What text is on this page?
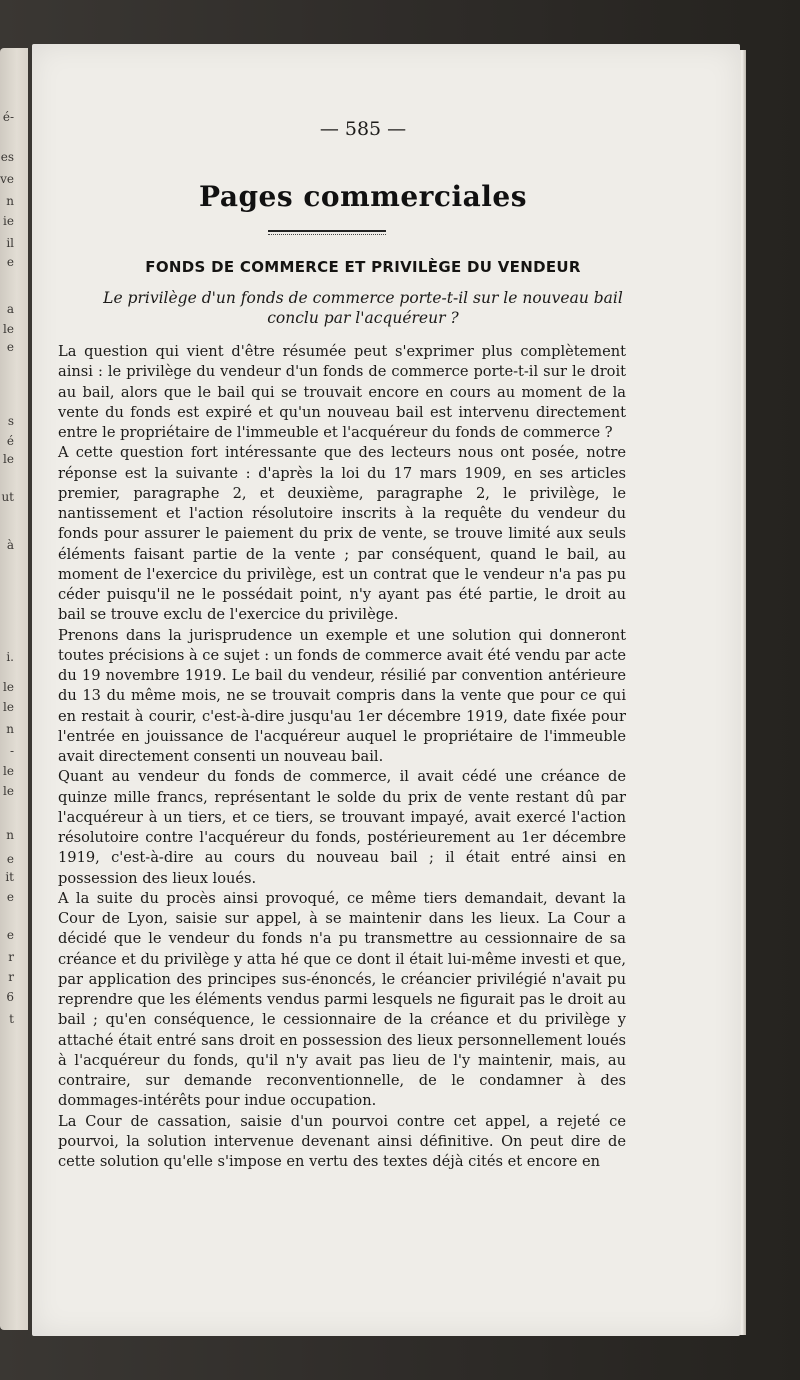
é-
es
ve
n
ie
il
e
a
le
e
s
é
le
ut
à
i.
le
le
n
-
le
le
n
e
it
e
e
r
r
6
t
— 585 —
Pages commerciales
FONDS DE COMMERCE ET PRIVILÈGE DU VENDEUR
Le privilège d'un fonds de commerce porte-t-il sur le nouveau bail conclu par l'acquéreur ?

La question qui vient d'être résumée peut s'exprimer plus complètement ainsi : le privilège du vendeur d'un fonds de commerce porte-t-il sur le droit au bail, alors que le bail qui se trouvait encore en cours au moment de la vente du fonds est expiré et qu'un nouveau bail est intervenu directement entre le propriétaire de l'immeuble et l'acquéreur du fonds de commerce ?

A cette question fort intéressante que des lecteurs nous ont posée, notre réponse est la suivante : d'après la loi du 17 mars 1909, en ses articles premier, paragraphe 2, et deuxième, paragraphe 2, le privilège, le nantissement et l'action résolutoire inscrits à la requête du vendeur du fonds pour assurer le paiement du prix de vente, se trouve limité aux seuls éléments faisant partie de la vente ; par conséquent, quand le bail, au moment de l'exercice du privilège, est un contrat que le vendeur n'a pas pu céder puisqu'il ne le possédait point, n'y ayant pas été partie, le droit au bail se trouve exclu de l'exercice du privilège.

Prenons dans la jurisprudence un exemple et une solution qui donneront toutes précisions à ce sujet : un fonds de commerce avait été vendu par acte du 19 novembre 1919. Le bail du vendeur, résilié par convention antérieure du 13 du même mois, ne se trouvait compris dans la vente que pour ce qui en restait à courir, c'est-à-dire jusqu'au 1er décembre 1919, date fixée pour l'entrée en jouissance de l'acquéreur auquel le propriétaire de l'immeuble avait directement consenti un nouveau bail.

Quant au vendeur du fonds de commerce, il avait cédé une créance de quinze mille francs, représentant le solde du prix de vente restant dû par l'acquéreur à un tiers, et ce tiers, se trouvant impayé, avait exercé l'action résolutoire contre l'acquéreur du fonds, postérieurement au 1er décembre 1919, c'est-à-dire au cours du nouveau bail ; il était entré ainsi en possession des lieux loués.

A la suite du procès ainsi provoqué, ce même tiers demandait, devant la Cour de Lyon, saisie sur appel, à se maintenir dans les lieux. La Cour a décidé que le vendeur du fonds n'a pu transmettre au cessionnaire de sa créance et du privilège y atta hé que ce dont il était lui-même investi et que, par application des principes sus-énoncés, le créancier privilégié n'avait pu reprendre que les éléments vendus parmi lesquels ne figurait pas le droit au bail ; qu'en conséquence, le cessionnaire de la créance et du privilège y attaché était entré sans droit en possession des lieux personnellement loués à l'acquéreur du fonds, qu'il n'y avait pas lieu de l'y maintenir, mais, au contraire, sur demande reconventionnelle, de le condamner à des dommages-intérêts pour indue occupation.

La Cour de cassation, saisie d'un pourvoi contre cet appel, a rejeté ce pourvoi, la solution intervenue devenant ainsi définitive. On peut dire de cette solution qu'elle s'impose en vertu des textes déjà cités et encore en
